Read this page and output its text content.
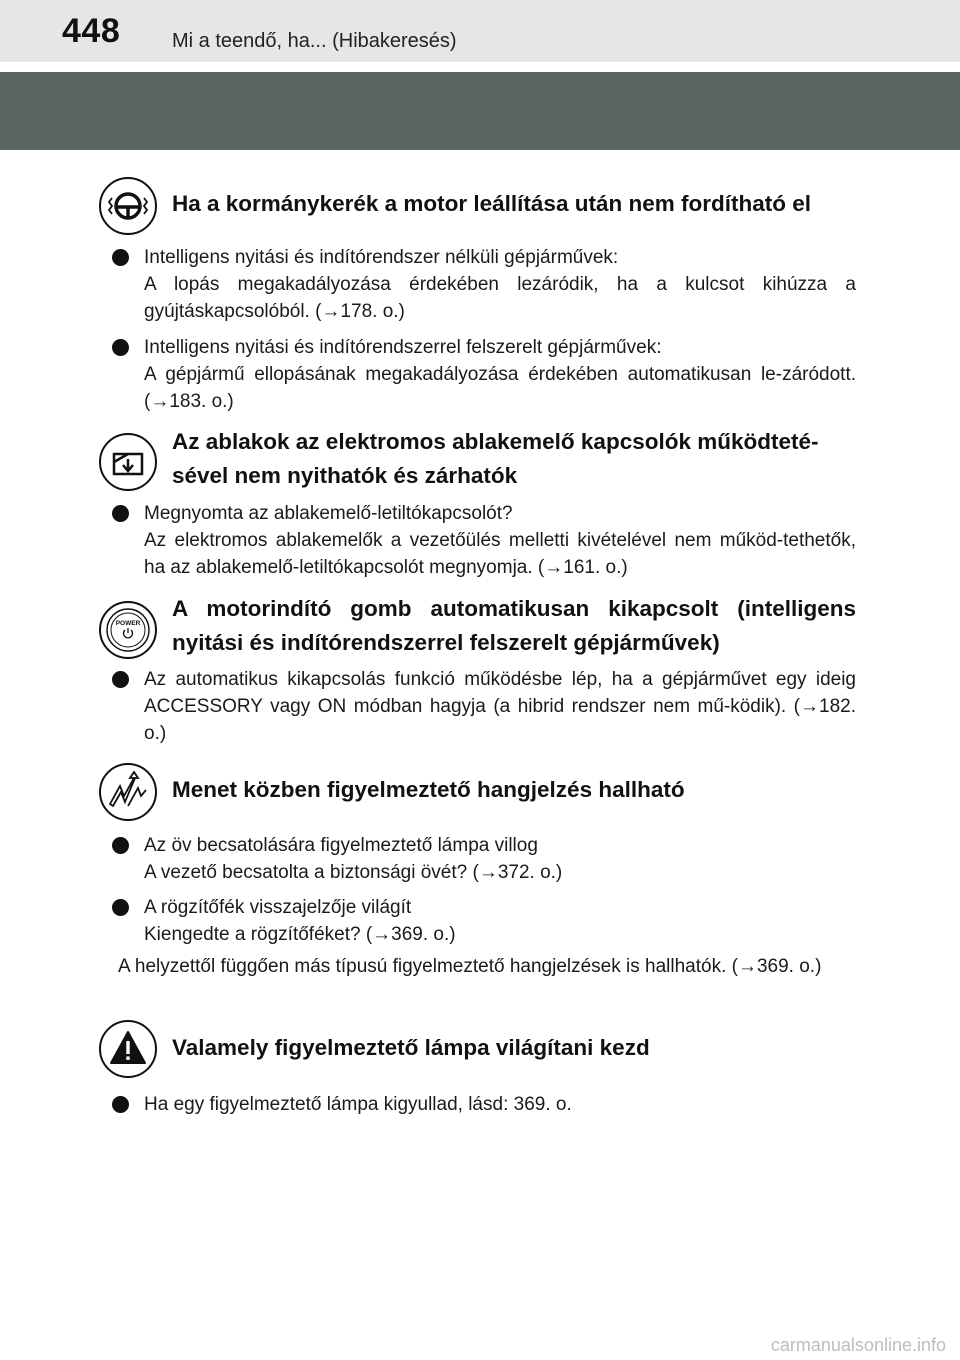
448	Mi a teendő, ha... (Hibakeresés)
Ha a kormánykerék a motor leállítása után nem fordítható el
Intelligens nyitási és indítórendszer nélküli gépjárművek:
A lopás megakadályozása érdekében lezáródik, ha a kulcsot kihúzza a gyújtáskapcsolóból. (→178. o.)
Intelligens nyitási és indítórendszerrel felszerelt gépjárművek:
A gépjármű ellopásának megakadályozása érdekében automatikusan le-záródott. (→183. o.)
Az ablakok az elektromos ablakemelő kapcsolók működteté-
sével nem nyithatók és zárhatók
Megnyomta az ablakemelő-letiltókapcsolót?
Az elektromos ablakemelők a vezetőülés melletti kivételével nem működ-tethetők, ha az ablakemelő-letiltókapcsolót megnyomja. (→161. o.)
POWER
A motorindító gomb automatikusan kikapcsolt (intelligens nyitási és indítórendszerrel felszerelt gépjárművek)
Az automatikus kikapcsolás funkció működésbe lép, ha a gépjárművet egy ideig ACCESSORY vagy ON módban hagyja (a hibrid rendszer nem mű-ködik). (→182. o.)
Menet közben figyelmeztető hangjelzés hallható
Az öv becsatolására figyelmeztető lámpa villog
A vezető becsatolta a biztonsági övét? (→372. o.)
A rögzítőfék visszajelzője világít
Kiengedte a rögzítőféket? (→369. o.)
A helyzettől függően más típusú figyelmeztető hangjelzések is hallhatók. (→369. o.)
Valamely figyelmeztető lámpa világítani kezd
Ha egy figyelmeztető lámpa kigyullad, lásd: 369. o.
carmanualsonline.info
